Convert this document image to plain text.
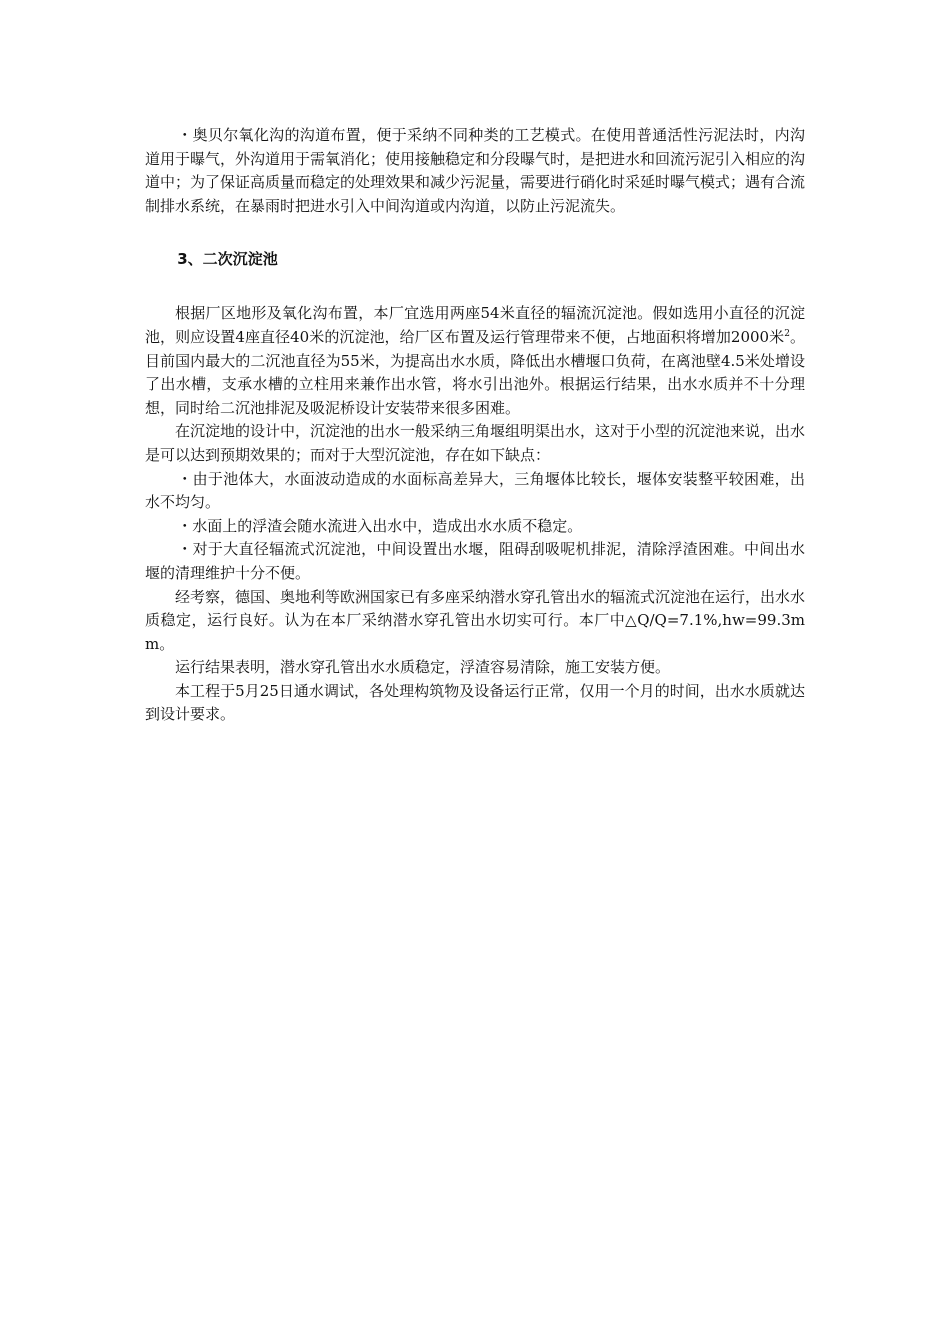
・奥贝尔氧化沟的沟道布置，便于采纳不同种类的工艺模式。在使用普通活性污泥法时，内沟道用于曝气，外沟道用于需氧消化；使用接触稳定和分段曝气时，是把进水和回流污泥引入相应的沟道中；为了保证高质量而稳定的处理效果和减少污泥量，需要进行硝化时采延时曝气模式；遇有合流制排水系统，在暴雨时把进水引入中间沟道或内沟道，以防止污泥流失。

3、二次沉淀池

根据厂区地形及氧化沟布置，本厂宜选用两座54米直径的辐流沉淀池。假如选用小直径的沉淀池，则应设置4座直径40米的沉淀池，给厂区布置及运行管理带来不便，占地面积将增加2000米$^2$。目前国内最大的二沉池直径为55米，为提高出水水质，降低出水槽堰口负荷，在离池壁4.5米处增设了出水槽，支承水槽的立柱用来兼作出水管，将水引出池外。根据运行结果，出水水质并不十分理想，同时给二沉池排泥及吸泥桥设计安装带来很多困难。

在沉淀地的设计中，沉淀池的出水一般采纳三角堰组明渠出水，这对于小型的沉淀池来说，出水是可以达到预期效果的；而对于大型沉淀池，存在如下缺点：

・由于池体大，水面波动造成的水面标高差异大，三角堰体比较长，堰体安装整平较困难，出水不均匀。

・水面上的浮渣会随水流进入出水中，造成出水水质不稳定。

・对于大直径辐流式沉淀池，中间设置出水堰，阻碍刮吸呢机排泥，清除浮渣困难。中间出水堰的清理维护十分不便。

经考察，德国、奥地利等欧洲国家已有多座采纳潜水穿孔管出水的辐流式沉淀池在运行，出水水质稳定，运行良好。认为在本厂采纳潜水穿孔管出水切实可行。本厂中△Q/Q=7.1%,hw=99.3mm。

运行结果表明，潜水穿孔管出水水质稳定，浮渣容易清除，施工安装方便。

本工程于5月25日通水调试，各处理构筑物及设备运行正常，仅用一个月的时间，出水水质就达到设计要求。
